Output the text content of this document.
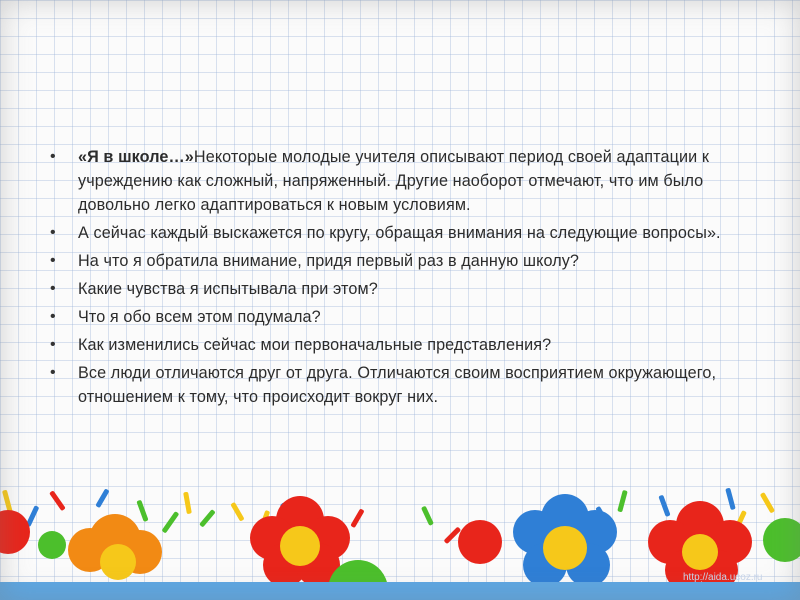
• «Я в школе…»Некоторые молодые учителя описывают период своей адаптации к учреждению как сложный, напряженный. Другие наоборот отмечают, что им было довольно легко адаптироваться к новым условиям.
• А сейчас каждый выскажется по кругу, обращая внимания на следующие вопросы».
• На что я обратила внимание, придя первый раз в данную школу?
• Какие чувства я испытывала при этом?
• Что я обо всем этом подумала?
• Как изменились сейчас мои первоначальные представления?
• Все люди отличаются друг от друга. Отличаются своим восприятием окружающего, отношением к тому, что происходит вокруг них.
http://aida.ucoz.ru
